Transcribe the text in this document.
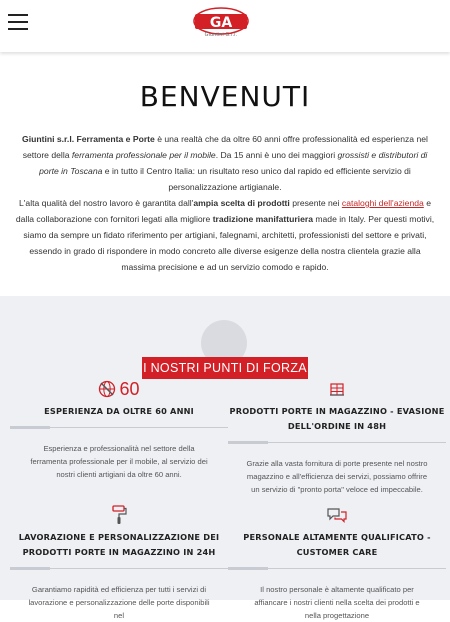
GA
Giuntini S.r.l.
BENVENUTI

Giuntini s.r.l. Ferramenta e Porte è una realtà che da oltre 60 anni offre professionalità ed esperienza nel settore della ferramenta professionale per il mobile. Da 15 anni è uno dei maggiori grossisti e distributori di porte in Toscana e in tutto il Centro Italia: un risultato reso unico dal rapido ed efficiente servizio di personalizzazione artigianale.

L'alta qualità del nostro lavoro è garantita dall'ampia scelta di prodotti presente nei cataloghi dell'azienda e dalla collaborazione con fornitori legati alla migliore tradizione manifatturiera made in Italy. Per questi motivi, siamo da sempre un fidato riferimento per artigiani, falegnami, architetti, professionisti del settore e privati, essendo in grado di rispondere in modo concreto alle diverse esigenze della nostra clientela grazie alla massima precisione e ad un servizio comodo e rapido.

I NOSTRI PUNTI DI FORZA
60
ESPERIENZA DA OLTRE 60 ANNI
Esperienza e professionalità nel settore della ferramenta professionale per il mobile, al servizio dei nostri clienti artigiani da oltre 60 anni.
PRODOTTI PORTE IN MAGAZZINO - EVASIONE DELL'ORDINE IN 48H
Grazie alla vasta fornitura di porte presente nel nostro magazzino e all'efficienza dei servizi, possiamo offrire un servizio di "pronto porta" veloce ed impeccabile.
LAVORAZIONE E PERSONALIZZAZIONE DEI PRODOTTI PORTE IN MAGAZZINO IN 24H
Garantiamo rapidità ed efficienza per tutti i servizi di lavorazione e personalizzazione delle porte disponibili nel
PERSONALE ALTAMENTE QUALIFICATO - CUSTOMER CARE
Il nostro personale è altamente qualificato per affiancare i nostri clienti nella scelta dei prodotti e nella progettazione
